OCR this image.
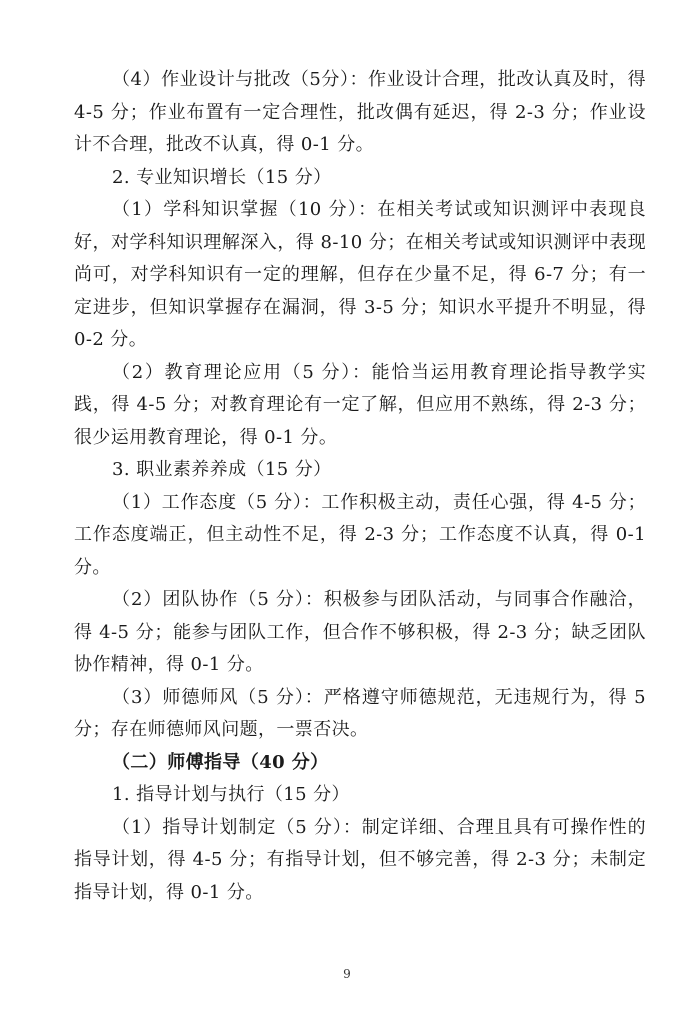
（4）作业设计与批改（5分）：作业设计合理，批改认真及时，得 4-5 分；作业布置有一定合理性，批改偶有延迟，得 2-3 分；作业设计不合理，批改不认真，得 0-1 分。

2. 专业知识增长（15 分）

（1）学科知识掌握（10 分）：在相关考试或知识测评中表现良好，对学科知识理解深入，得 8-10 分；在相关考试或知识测评中表现尚可，对学科知识有一定的理解，但存在少量不足，得 6-7 分；有一定进步，但知识掌握存在漏洞，得 3-5 分；知识水平提升不明显，得 0-2 分。

（2）教育理论应用（5 分）：能恰当运用教育理论指导教学实践，得 4-5 分；对教育理论有一定了解，但应用不熟练，得 2-3 分；很少运用教育理论，得 0-1 分。

3. 职业素养养成（15 分）

（1）工作态度（5 分）：工作积极主动，责任心强，得 4-5 分；工作态度端正，但主动性不足，得 2-3 分；工作态度不认真，得 0-1 分。

（2）团队协作（5 分）：积极参与团队活动，与同事合作融洽，得 4-5 分；能参与团队工作，但合作不够积极，得 2-3 分；缺乏团队协作精神，得 0-1 分。

（3）师德师风（5 分）：严格遵守师德规范，无违规行为，得 5 分；存在师德师风问题，一票否决。

（二）师傅指导（40 分）

1. 指导计划与执行（15 分）

（1）指导计划制定（5 分）：制定详细、合理且具有可操作性的指导计划，得 4-5 分；有指导计划，但不够完善，得 2-3 分；未制定指导计划，得 0-1 分。

9
